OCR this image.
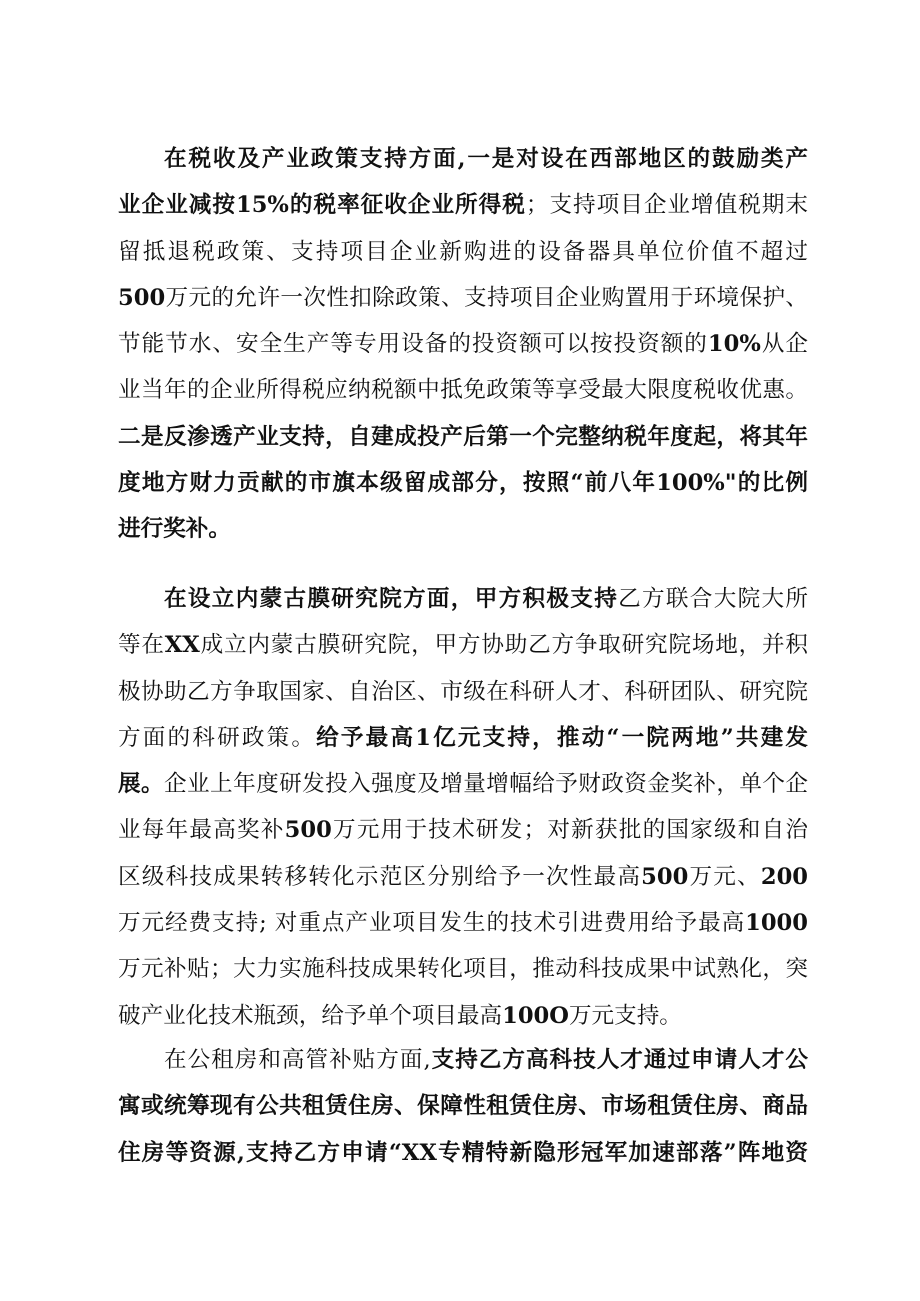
在税收及产业政策支持方面,一是对设在西部地区的鼓励类产
业企业减按15%的税率征收企业所得税；支持项目企业增值税期末
留抵退税政策、支持项目企业新购进的设备器具单位价值不超过
500万元的允许一次性扣除政策、支持项目企业购置用于环境保护、
节能节水、安全生产等专用设备的投资额可以按投资额的10%从企
业当年的企业所得税应纳税额中抵免政策等享受最大限度税收优惠。
二是反渗透产业支持，自建成投产后第一个完整纳税年度起，将其年
度地方财力贡献的市旗本级留成部分，按照“前八年100%"的比例
进行奖补。
在设立内蒙古膜研究院方面，甲方积极支持乙方联合大院大所
等在XX成立内蒙古膜研究院，甲方协助乙方争取研究院场地，并积
极协助乙方争取国家、自治区、市级在科研人才、科研团队、研究院
方面的科研政策。给予最高1亿元支持，推动“一院两地”共建发
展。企业上年度研发投入强度及增量增幅给予财政资金奖补，单个企
业每年最高奖补500万元用于技术研发；对新获批的国家级和自治
区级科技成果转移转化示范区分别给予一次性最高500万元、200
万元经费支持; 对重点产业项目发生的技术引进费用给予最高1000
万元补贴；大力实施科技成果转化项目，推动科技成果中试熟化，突
破产业化技术瓶颈，给予单个项目最高100O万元支持。
在公租房和高管补贴方面,支持乙方高科技人才通过申请人才公
寓或统筹现有公共租赁住房、保障性租赁住房、市场租赁住房、商品
住房等资源,支持乙方申请“XX专精特新隐形冠军加速部落”阵地资
